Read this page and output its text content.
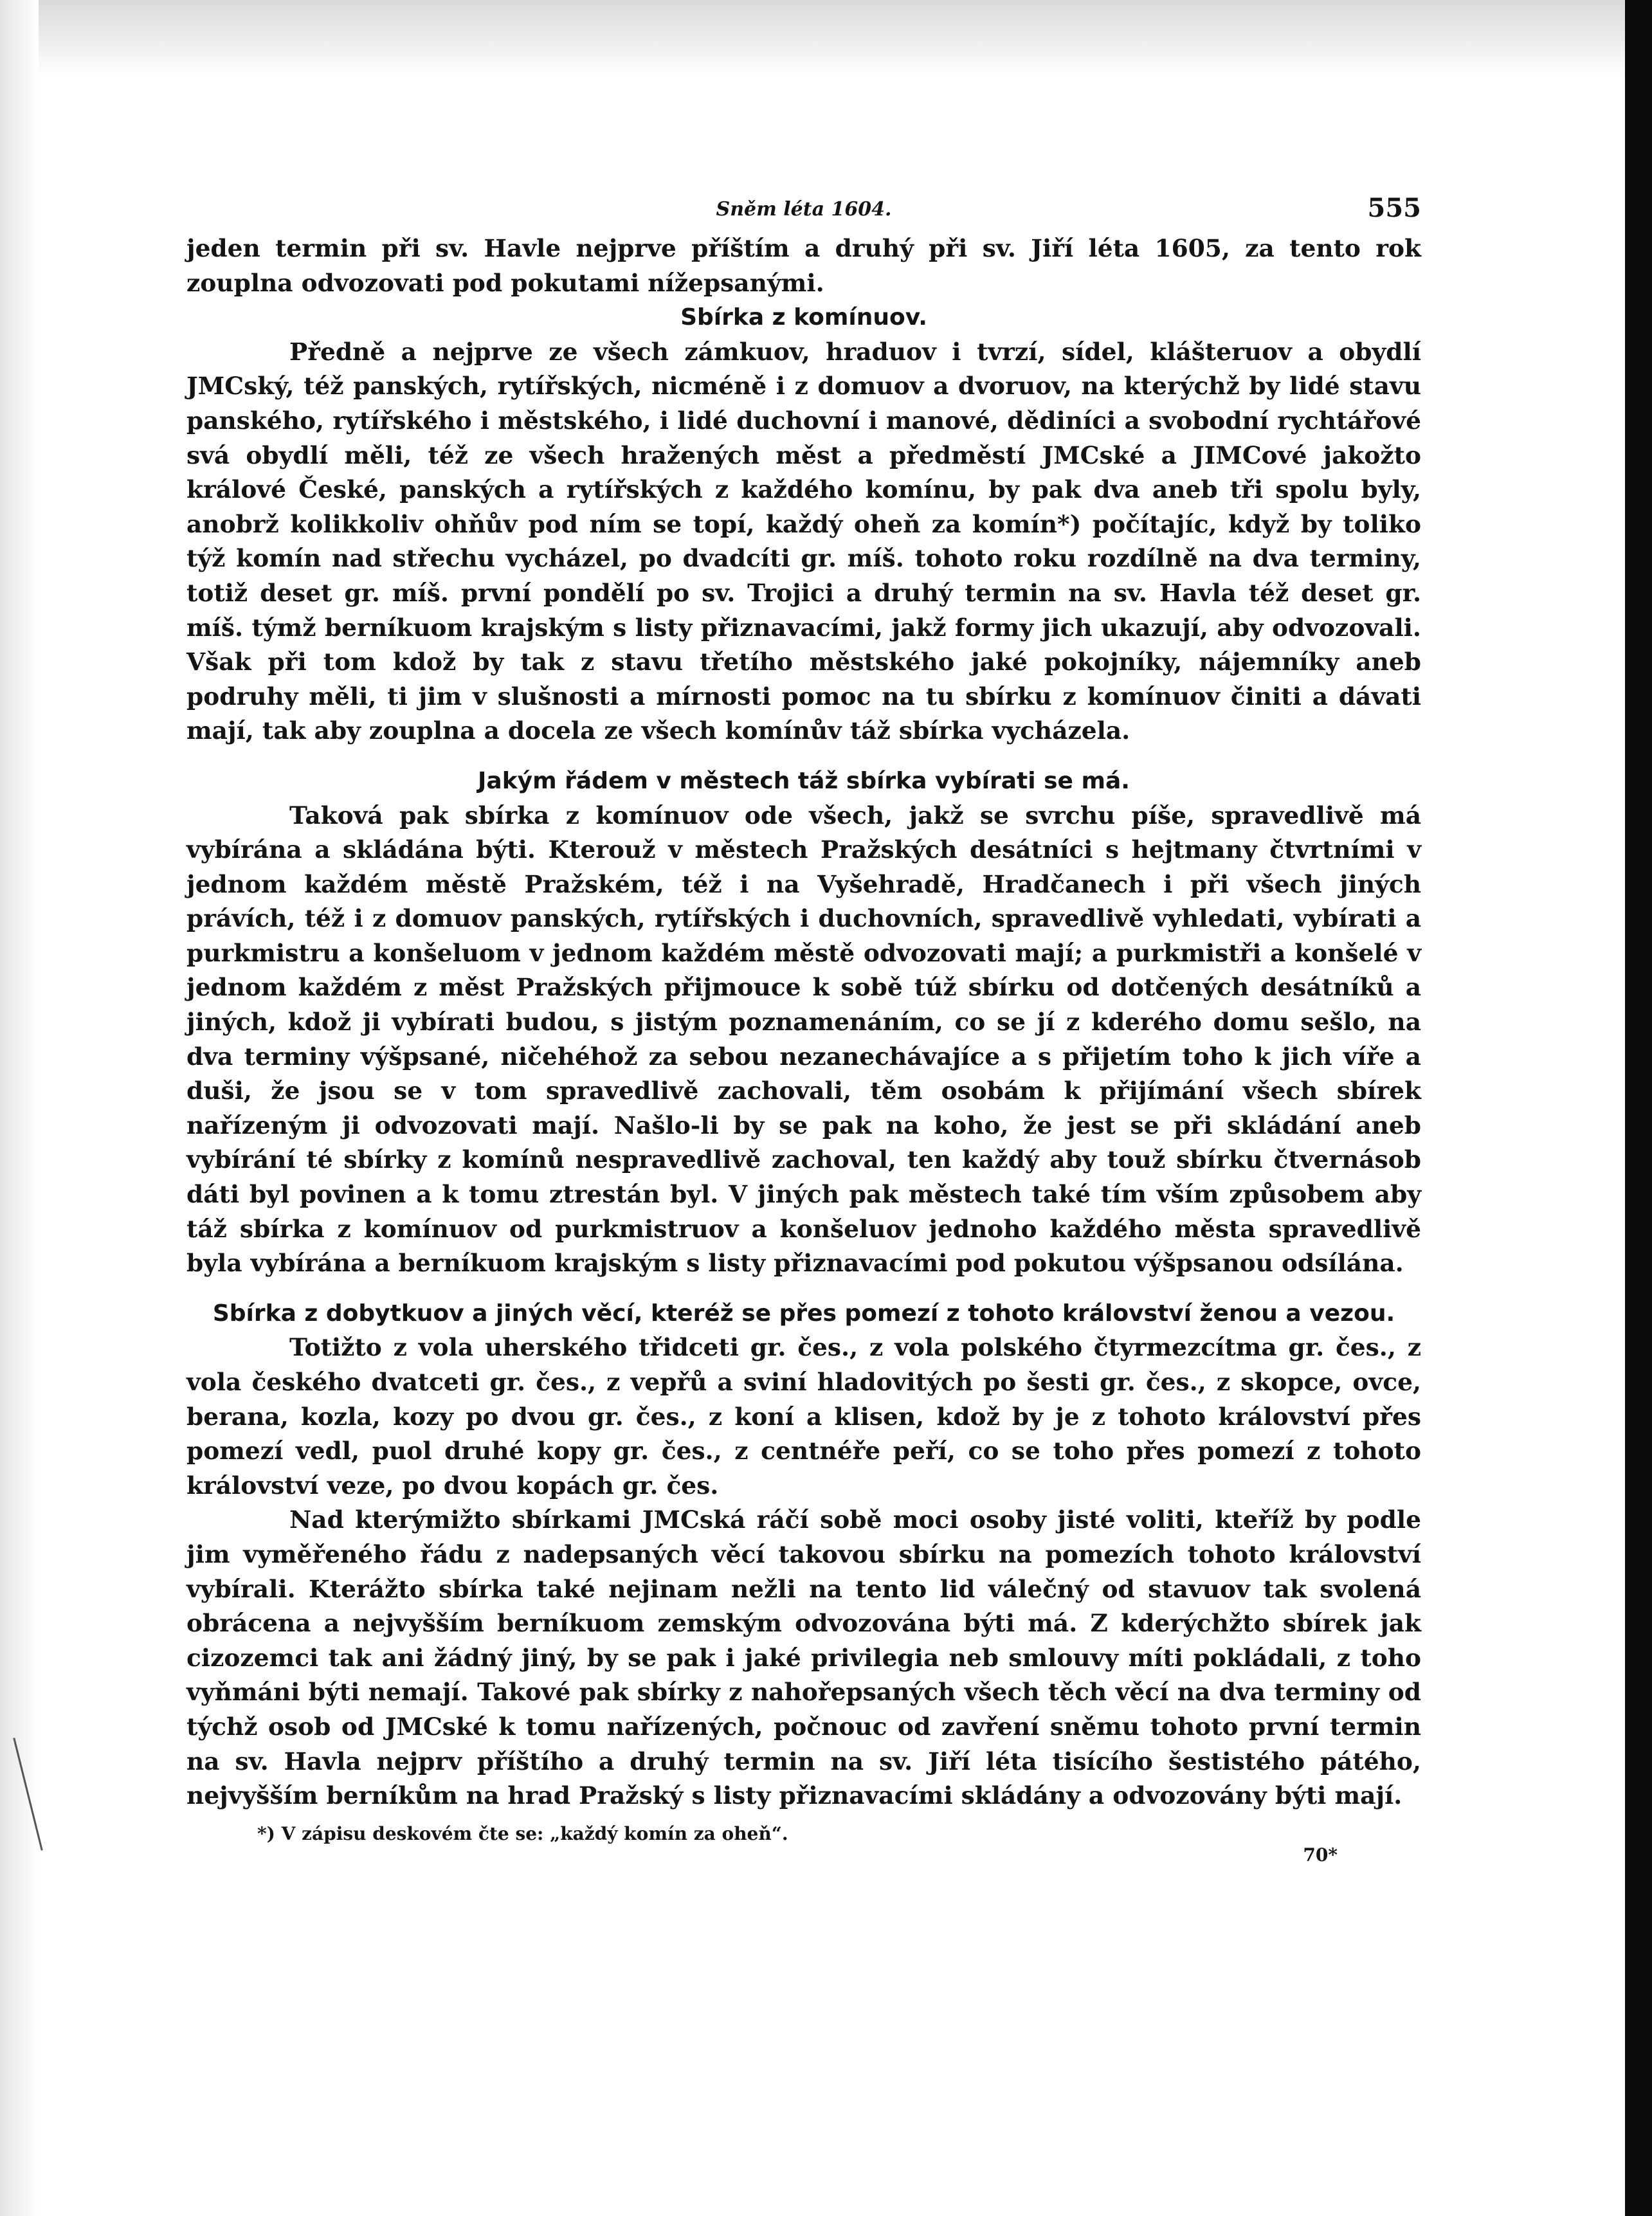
Sněm léta 1604.	555

jeden termin při sv. Havle nejprve příštím a druhý při sv. Jiří léta 1605, za tento rok zouplna odvozovati pod pokutami nížepsanými.

Sbírka z komínuov.

Předně a nejprve ze všech zámkuov, hraduov i tvrzí, sídel, klášteruov a obydlí JMCský, též panských, rytířských, nicméně i z domuov a dvoruov, na kterýchž by lidé stavu panského, rytířského i městského, i lidé duchovní i manové, dědiníci a svobodní rychtářové svá obydlí měli, též ze všech hražených měst a předměstí JMCské a JIMCové jakožto králové České, panských a rytířských z každého komínu, by pak dva aneb tři spolu byly, anobrž kolikkoliv ohňův pod ním se topí, každý oheň za komín*) počítajíc, když by toliko týž komín nad střechu vycházel, po dvadcíti gr. míš. tohoto roku rozdílně na dva terminy, totiž deset gr. míš. první pondělí po sv. Trojici a druhý termin na sv. Havla též deset gr. míš. týmž berníkuom krajským s listy přiznavacími, jakž formy jich ukazují, aby odvozovali. Však při tom kdož by tak z stavu třetího městského jaké pokojníky, nájemníky aneb podruhy měli, ti jim v slušnosti a mírnosti pomoc na tu sbírku z komínuov činiti a dávati mají, tak aby zouplna a docela ze všech komínův táž sbírka vycházela.

Jakým řádem v městech táž sbírka vybírati se má.

Taková pak sbírka z komínuov ode všech, jakž se svrchu píše, spravedlivě má vybírána a skládána býti. Kterouž v městech Pražských desátníci s hejtmany čtvrtními v jednom každém městě Pražském, též i na Vyšehradě, Hradčanech i při všech jiných právích, též i z domuov panských, rytířských i duchovních, spravedlivě vyhledati, vybírati a purkmistru a konšeluom v jednom každém městě odvozovati mají; a purkmistři a konšelé v jednom každém z měst Pražských přijmouce k sobě túž sbírku od dotčených desátníků a jiných, kdož ji vybírati budou, s jistým poznamenáním, co se jí z kderého domu sešlo, na dva terminy výšpsané, ničehéhož za sebou nezanechávajíce a s přijetím toho k jich víře a duši, že jsou se v tom spravedlivě zachovali, těm osobám k přijímání všech sbírek nařízeným ji odvozovati mají. Našlo-li by se pak na koho, že jest se při skládání aneb vybírání té sbírky z komínů nespravedlivě zachoval, ten každý aby touž sbírku čtvernásob dáti byl povinen a k tomu ztrestán byl. V jiných pak městech také tím vším způsobem aby táž sbírka z komínuov od purkmistruov a konšeluov jednoho každého města spravedlivě byla vybírána a berníkuom krajským s listy přiznavacími pod pokutou výšpsanou odsílána.

Sbírka z dobytkuov a jiných věcí, kteréž se přes pomezí z tohoto království ženou a vezou.

Totižto z vola uherského třidceti gr. čes., z vola polského čtyrmezcítma gr. čes., z vola českého dvatceti gr. čes., z vepřů a sviní hladovitých po šesti gr. čes., z skopce, ovce, berana, kozla, kozy po dvou gr. čes., z koní a klisen, kdož by je z tohoto království přes pomezí vedl, puol druhé kopy gr. čes., z centnéře peří, co se toho přes pomezí z tohoto království veze, po dvou kopách gr. čes.

Nad kterýmižto sbírkami JMCská ráčí sobě moci osoby jisté voliti, kteříž by podle jim vyměřeného řádu z nadepsaných věcí takovou sbírku na pomezích tohoto království vybírali. Kterážto sbírka také nejinam nežli na tento lid válečný od stavuov tak svolená obrácena a nejvyšším berníkuom zemským odvozována býti má. Z kderýchžto sbírek jak cizozemci tak ani žádný jiný, by se pak i jaké privilegia neb smlouvy míti pokládali, z toho vyňmáni býti nemají. Takové pak sbírky z nahořepsaných všech těch věcí na dva terminy od týchž osob od JMCské k tomu nařízených, počnouc od zavření sněmu tohoto první termin na sv. Havla nejprv příštího a druhý termin na sv. Jiří léta tisícího šestistého pátého, nejvyšším berníkům na hrad Pražský s listy přiznavacími skládány a odvozovány býti mají.

*) V zápisu deskovém čte se: „každý komín za oheň“.
70*
